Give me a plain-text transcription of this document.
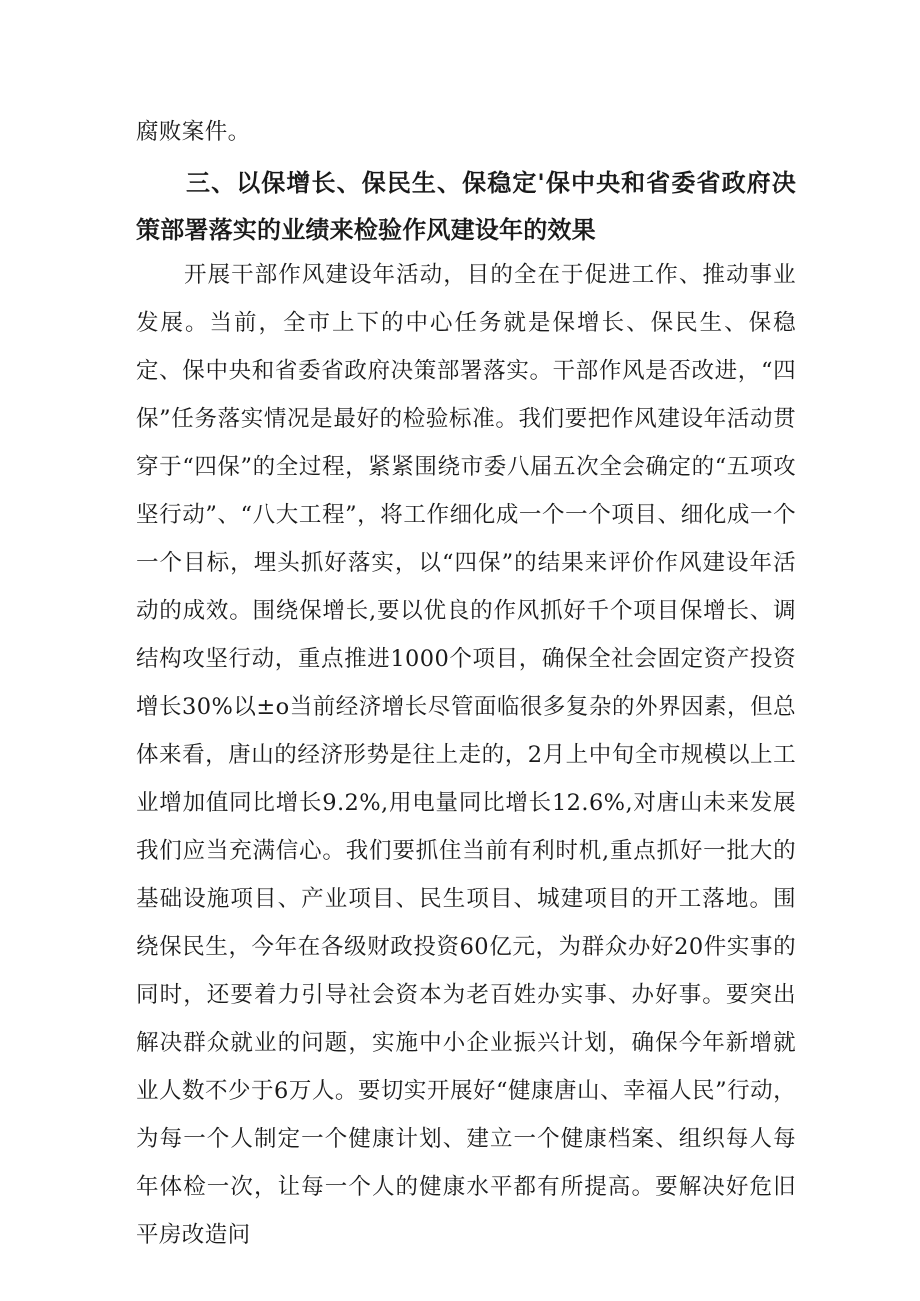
腐败案件。

三、以保增长、保民生、保稳定'保中央和省委省政府决策部署落实的业绩来检验作风建设年的效果

开展干部作风建设年活动，目的全在于促进工作、推动事业发展。当前，全市上下的中心任务就是保增长、保民生、保稳定、保中央和省委省政府决策部署落实。干部作风是否改进，“四保”任务落实情况是最好的检验标准。我们要把作风建设年活动贯穿于“四保”的全过程，紧紧围绕市委八届五次全会确定的“五项攻坚行动”、“八大工程”，将工作细化成一个一个项目、细化成一个一个目标，埋头抓好落实，以“四保”的结果来评价作风建设年活动的成效。围绕保增长,要以优良的作风抓好千个项目保增长、调结构攻坚行动，重点推进1000个项目，确保全社会固定资产投资增长30%以±o当前经济增长尽管面临很多复杂的外界因素，但总体来看，唐山的经济形势是往上走的，2月上中旬全市规模以上工业增加值同比增长9.2%,用电量同比增长12.6%,对唐山未来发展我们应当充满信心。我们要抓住当前有利时机,重点抓好一批大的基础设施项目、产业项目、民生项目、城建项目的开工落地。围绕保民生，今年在各级财政投资60亿元，为群众办好20件实事的同时，还要着力引导社会资本为老百姓办实事、办好事。要突出解决群众就业的问题，实施中小企业振兴计划，确保今年新增就业人数不少于6万人。要切实开展好“健康唐山、幸福人民”行动，为每一个人制定一个健康计划、建立一个健康档案、组织每人每年体检一次，让每一个人的健康水平都有所提高。要解决好危旧平房改造问
